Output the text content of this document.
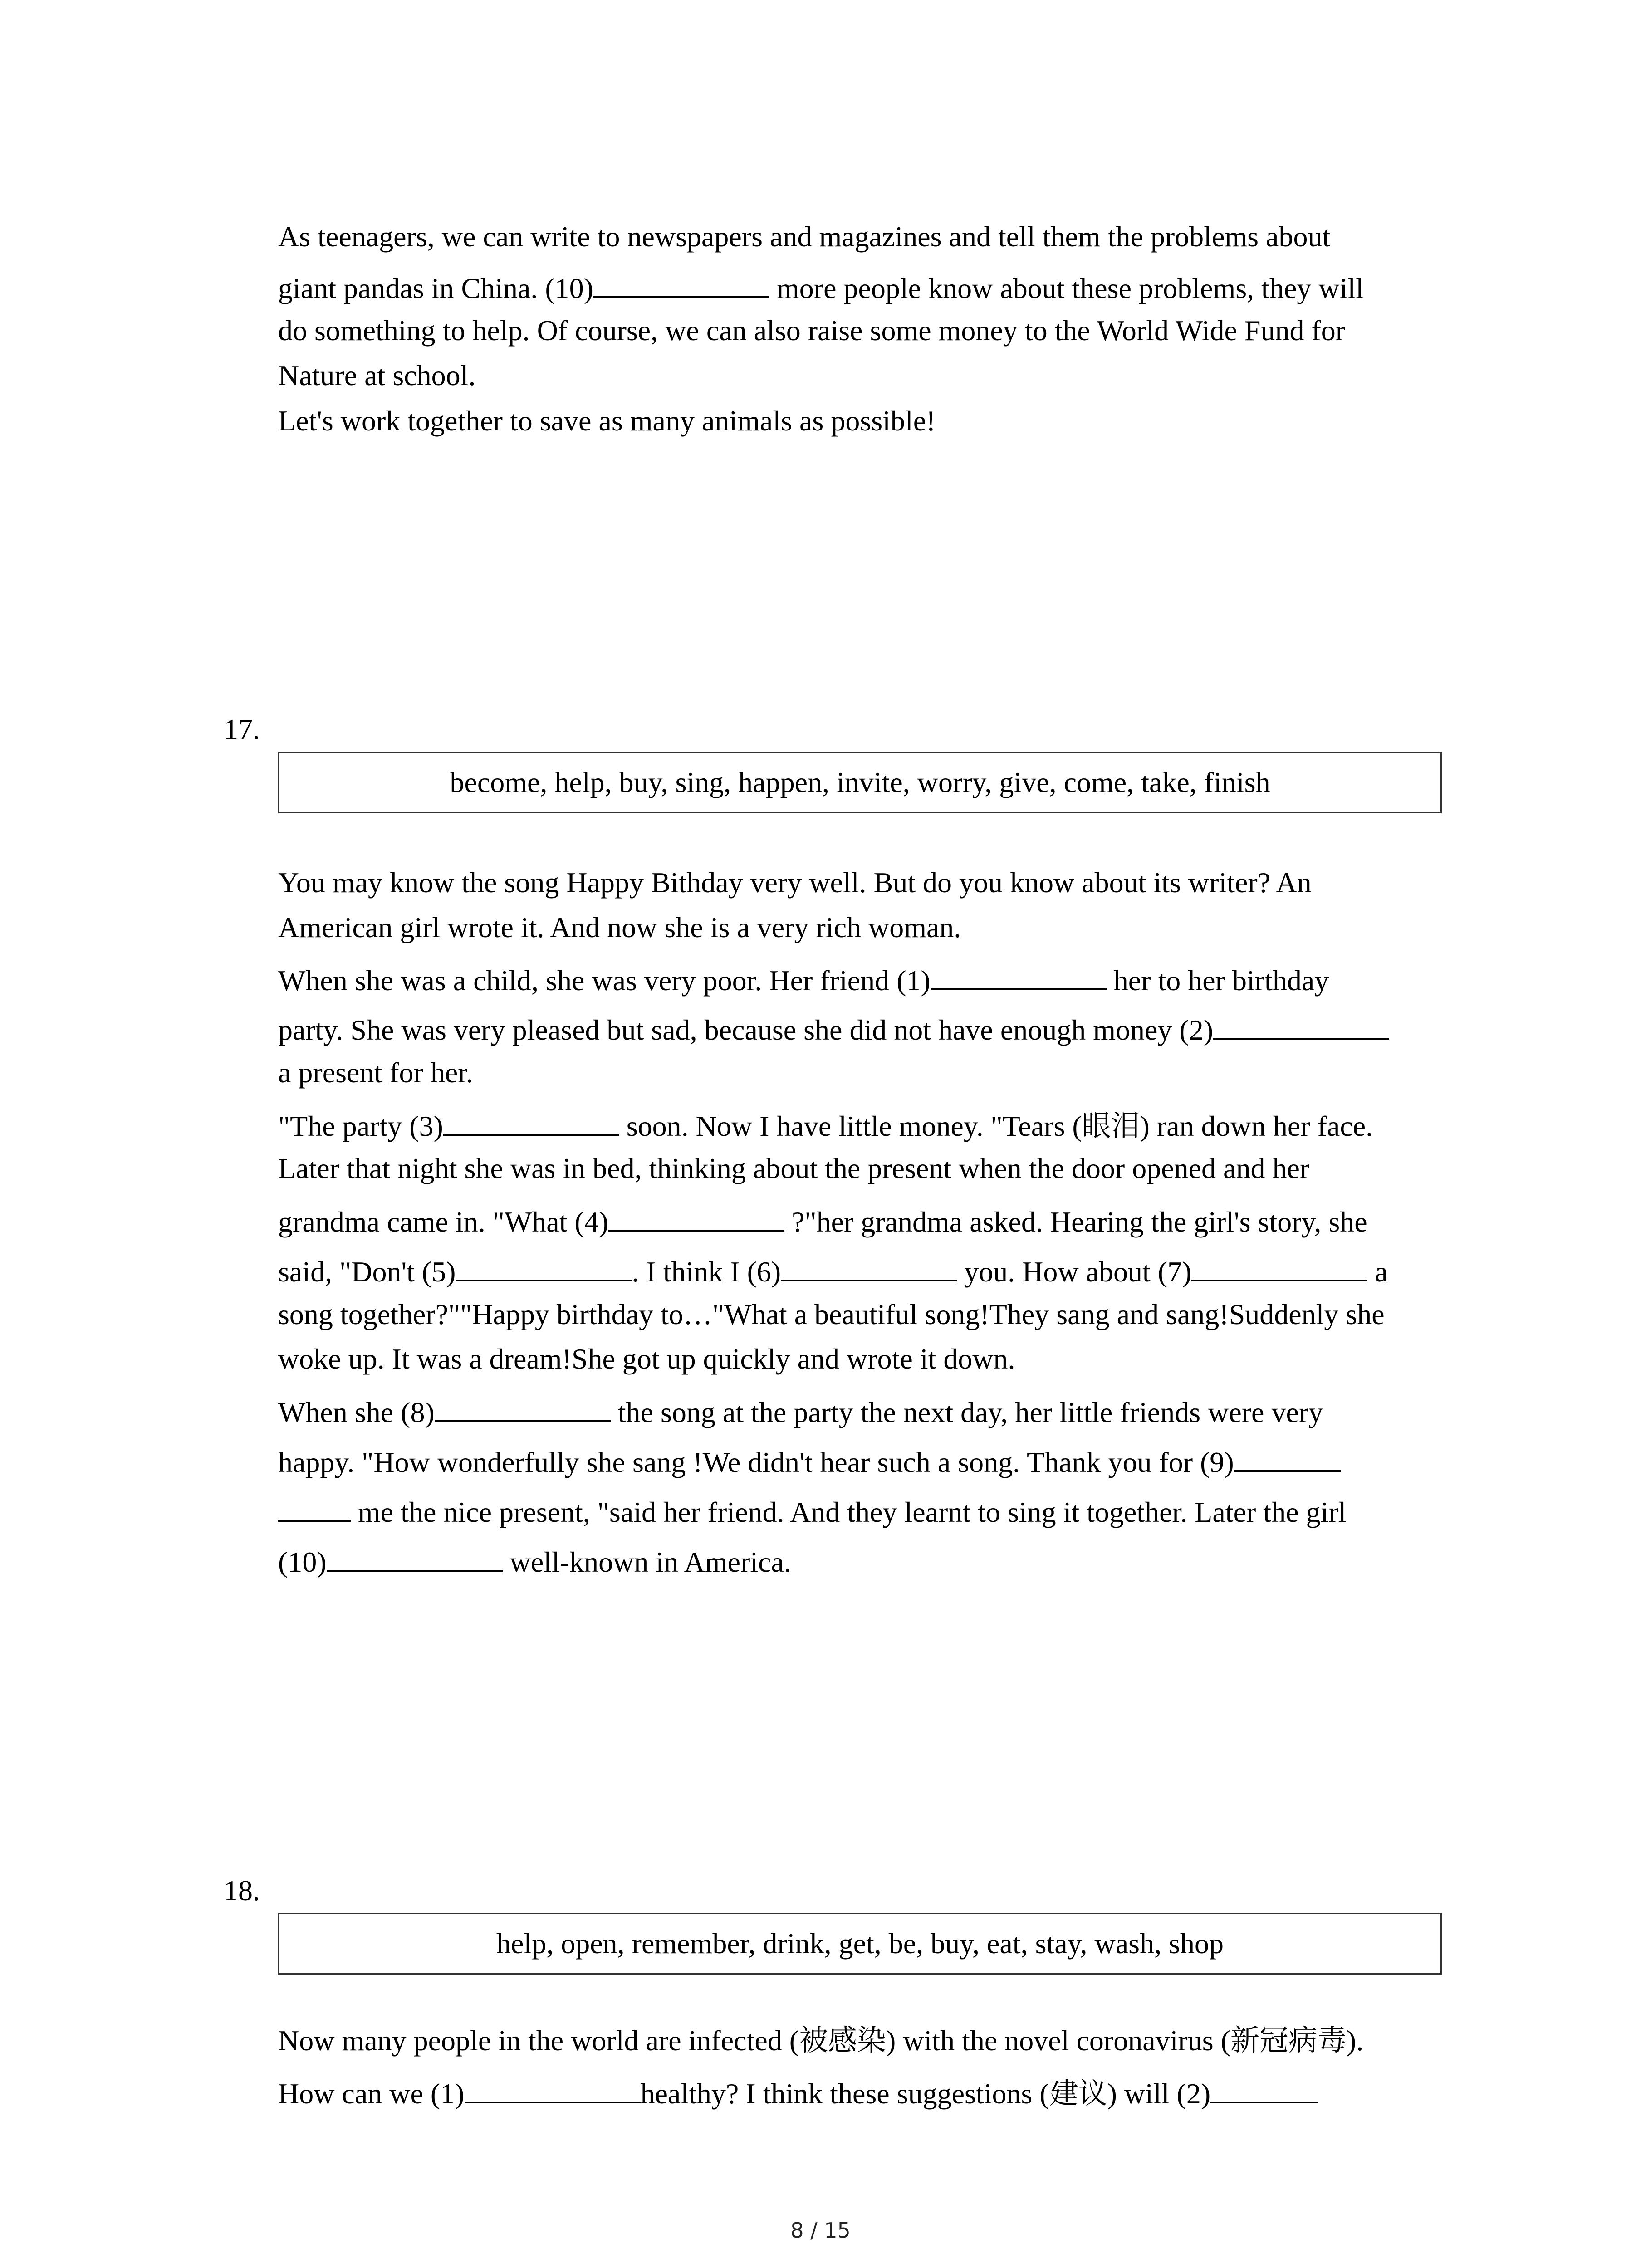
As teenagers, we can write to newspapers and magazines and tell them the problems about
giant pandas in China. (10)	more people know about these problems, they will
do something to help. Of course, we can also raise some money to the World Wide Fund for
Nature at school.
Let's work together to save as many animals as possible!
17.
become, help, buy, sing, happen, invite, worry, give, come, take, finish
You may know the song Happy Bithday very well. But do you know about its writer? An
American girl wrote it. And now she is a very rich woman.
When she was a child, she was very poor. Her friend (1)	her to her birthday
party. She was very pleased but sad, because she did not have enough money (2)
a present for her.
"The party (3)	soon. Now I have little money. "Tears (眼泪) ran down her face.
Later that night she was in bed, thinking about the present when the door opened and her
grandma came in. "What (4)	?"her grandma asked. Hearing the girl's story, she
said, "Don't (5)	. I think I (6)	you. How about (7)	a
song together?""Happy birthday to…"What a beautiful song!They sang and sang!Suddenly she
woke up. It was a dream!She got up quickly and wrote it down.
When she (8)	the song at the party the next day, her little friends were very
happy. "How wonderfully she sang !We didn't hear such a song. Thank you for (9)
me the nice present, "said her friend. And they learnt to sing it together. Later the girl
(10)	well-known in America.
18.
help, open, remember, drink, get, be, buy, eat, stay, wash, shop
Now many people in the world are infected (被感染) with the novel coronavirus (新冠病毒).
How can we (1)	healthy? I think these suggestions (建议) will (2)
8 / 15
